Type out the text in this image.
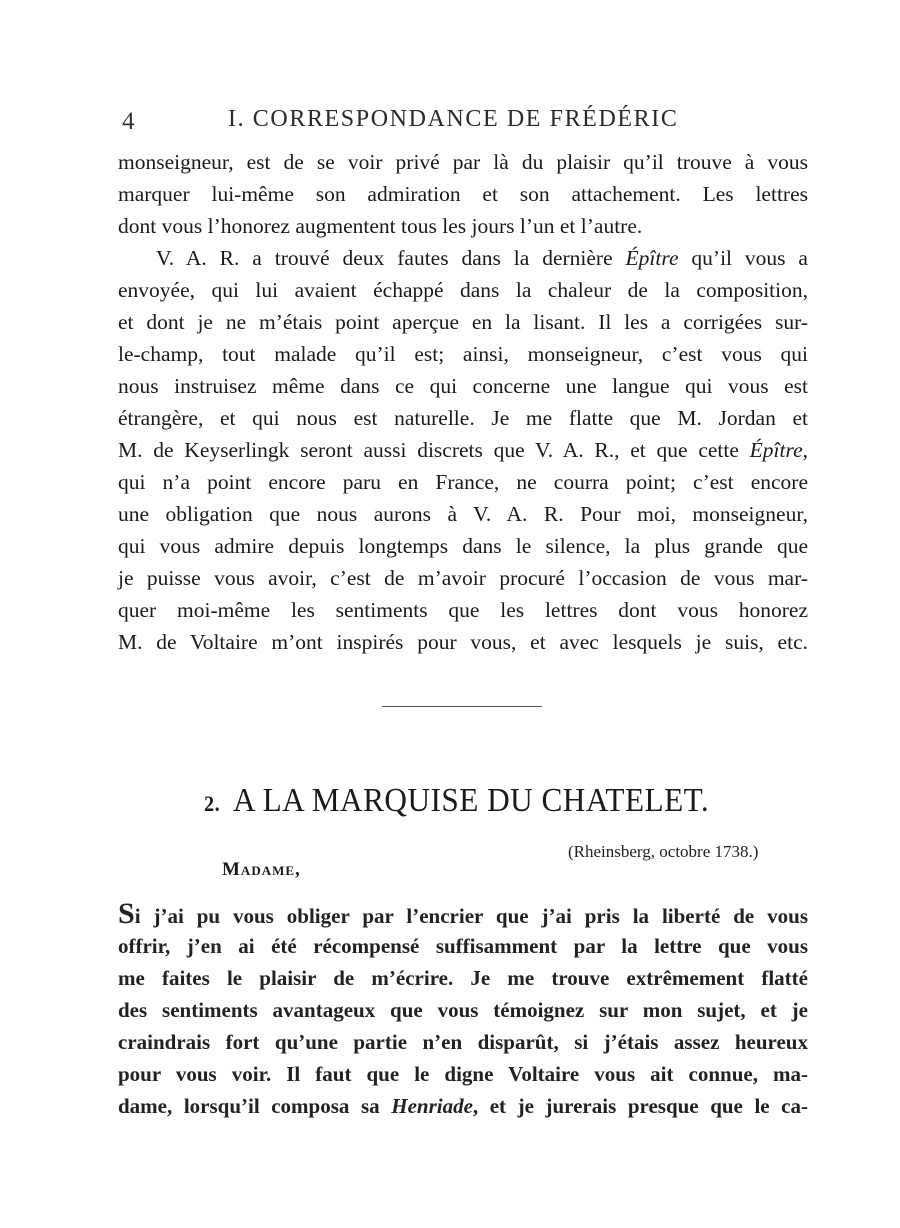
4	I. CORRESPONDANCE DE FRÉDÉRIC
monseigneur, est de se voir privé par là du plaisir qu’il trouve à vous
marquer lui-même son admiration et son attachement. Les lettres
dont vous l’honorez augmentent tous les jours l’un et l’autre.
V. A. R. a trouvé deux fautes dans la dernière Épître qu’il vous a
envoyée, qui lui avaient échappé dans la chaleur de la composition,
et dont je ne m’étais point aperçue en la lisant. Il les a corrigées sur-
le-champ, tout malade qu’il est; ainsi, monseigneur, c’est vous qui
nous instruisez même dans ce qui concerne une langue qui vous est
étrangère, et qui nous est naturelle. Je me flatte que M. Jordan et
M. de Keyserlingk seront aussi discrets que V. A. R., et que cette Épître,
qui n’a point encore paru en France, ne courra point; c’est encore
une obligation que nous aurons à V. A. R. Pour moi, monseigneur,
qui vous admire depuis longtemps dans le silence, la plus grande que
je puisse vous avoir, c’est de m’avoir procuré l’occasion de vous mar-
quer moi-même les sentiments que les lettres dont vous honorez
M. de Voltaire m’ont inspirés pour vous, et avec lesquels je suis, etc.
2. A LA MARQUISE DU CHATELET.
(Rheinsberg, octobre 1738.)
Madame,
Si j’ai pu vous obliger par l’encrier que j’ai pris la liberté de vous
offrir, j’en ai été récompensé suffisamment par la lettre que vous
me faites le plaisir de m’écrire. Je me trouve extrêmement flatté
des sentiments avantageux que vous témoignez sur mon sujet, et je
craindrais fort qu’une partie n’en disparût, si j’étais assez heureux
pour vous voir. Il faut que le digne Voltaire vous ait connue, ma-
dame, lorsqu’il composa sa Henriade, et je jurerais presque que le ca-
